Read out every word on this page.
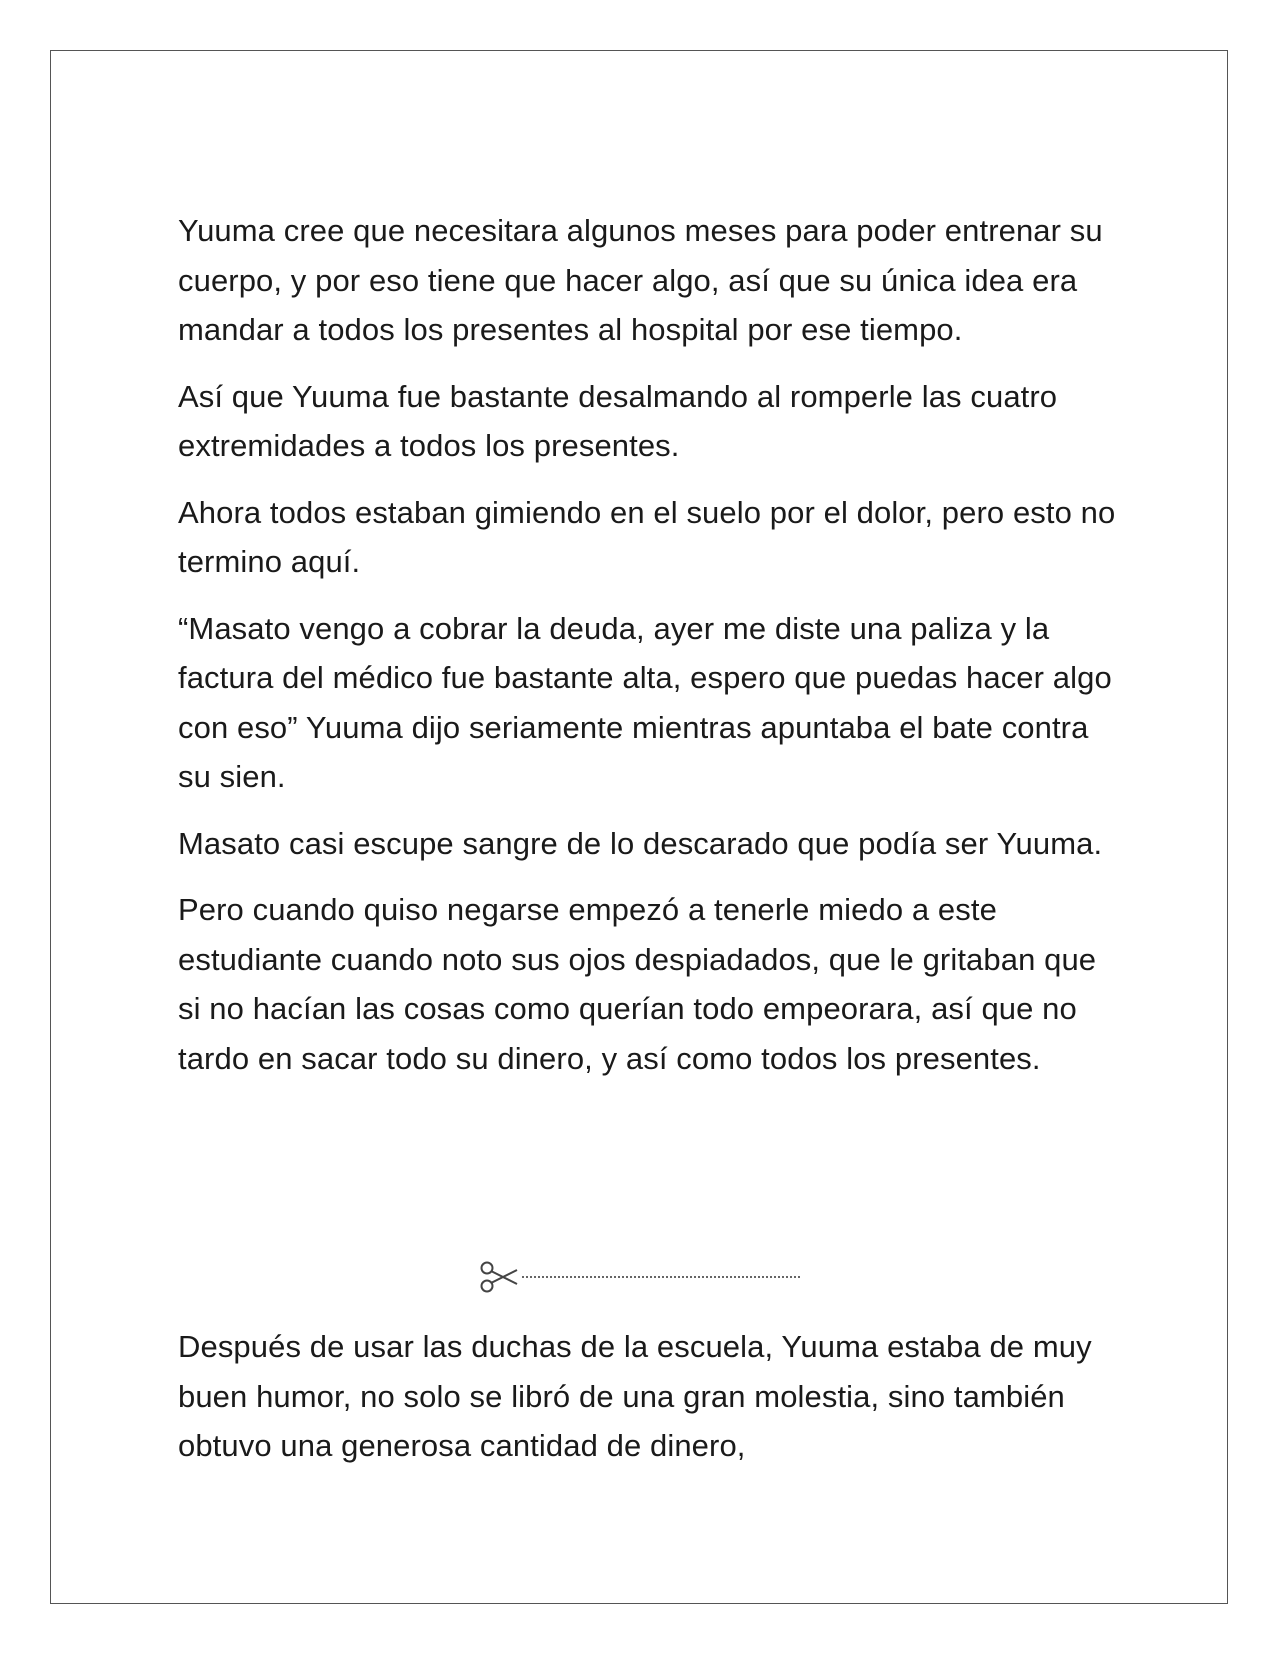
Yuuma cree que necesitara algunos meses para poder entrenar su cuerpo, y por eso tiene que hacer algo, así que su única idea era mandar a todos los presentes al hospital por ese tiempo.

Así que Yuuma fue bastante desalmando al romperle las cuatro extremidades a todos los presentes.

Ahora todos estaban gimiendo en el suelo por el dolor, pero esto no termino aquí.

“Masato vengo a cobrar la deuda, ayer me diste una paliza y la factura del médico fue bastante alta, espero que puedas hacer algo con eso” Yuuma dijo seriamente mientras apuntaba el bate contra su sien.

Masato casi escupe sangre de lo descarado que podía ser Yuuma.

Pero cuando quiso negarse empezó a tenerle miedo a este estudiante cuando noto sus ojos despiadados, que le gritaban que si no hacían las cosas como querían todo empeorara, así que no tardo en sacar todo su dinero, y así como todos los presentes.

Después de usar las duchas de la escuela, Yuuma estaba de muy buen humor, no solo se libró de una gran molestia, sino también obtuvo una generosa cantidad de dinero,
